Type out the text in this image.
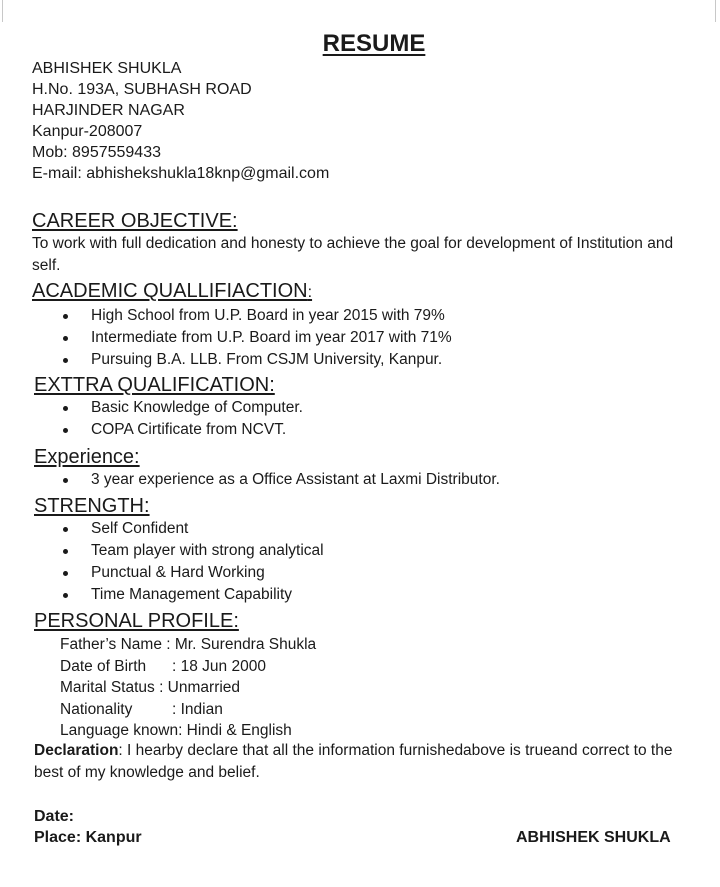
RESUME
ABHISHEK SHUKLA
H.No. 193A, SUBHASH ROAD
HARJINDER NAGAR
Kanpur-208007
Mob: 8957559433
E-mail: abhishekshukla18knp@gmail.com
CAREER OBJECTIVE:
To work with full dedication and honesty to achieve the goal for development of Institution and self.
ACADEMIC QUALLIFIACTION:
High School from U.P. Board in year 2015 with 79%
Intermediate from U.P. Board im year 2017 with 71%
Pursuing B.A. LLB. From CSJM University, Kanpur.
EXTTRA QUALIFICATION:
Basic Knowledge of Computer.
COPA Cirtificate from NCVT.
Experience:
3 year experience as a Office Assistant at Laxmi Distributor.
STRENGTH:
Self Confident
Team player with strong analytical
Punctual & Hard Working
Time Management Capability
PERSONAL PROFILE:
Father’s Name : Mr. Surendra Shukla
Date of Birth : 18 Jun 2000
Marital Status : Unmarried
Nationality	: Indian
Language known: Hindi & English
Declaration: I hearby declare that all the information furnishedabove is trueand correct to the best of my knowledge and belief.
Date:
Place: Kanpur	ABHISHEK SHUKLA
